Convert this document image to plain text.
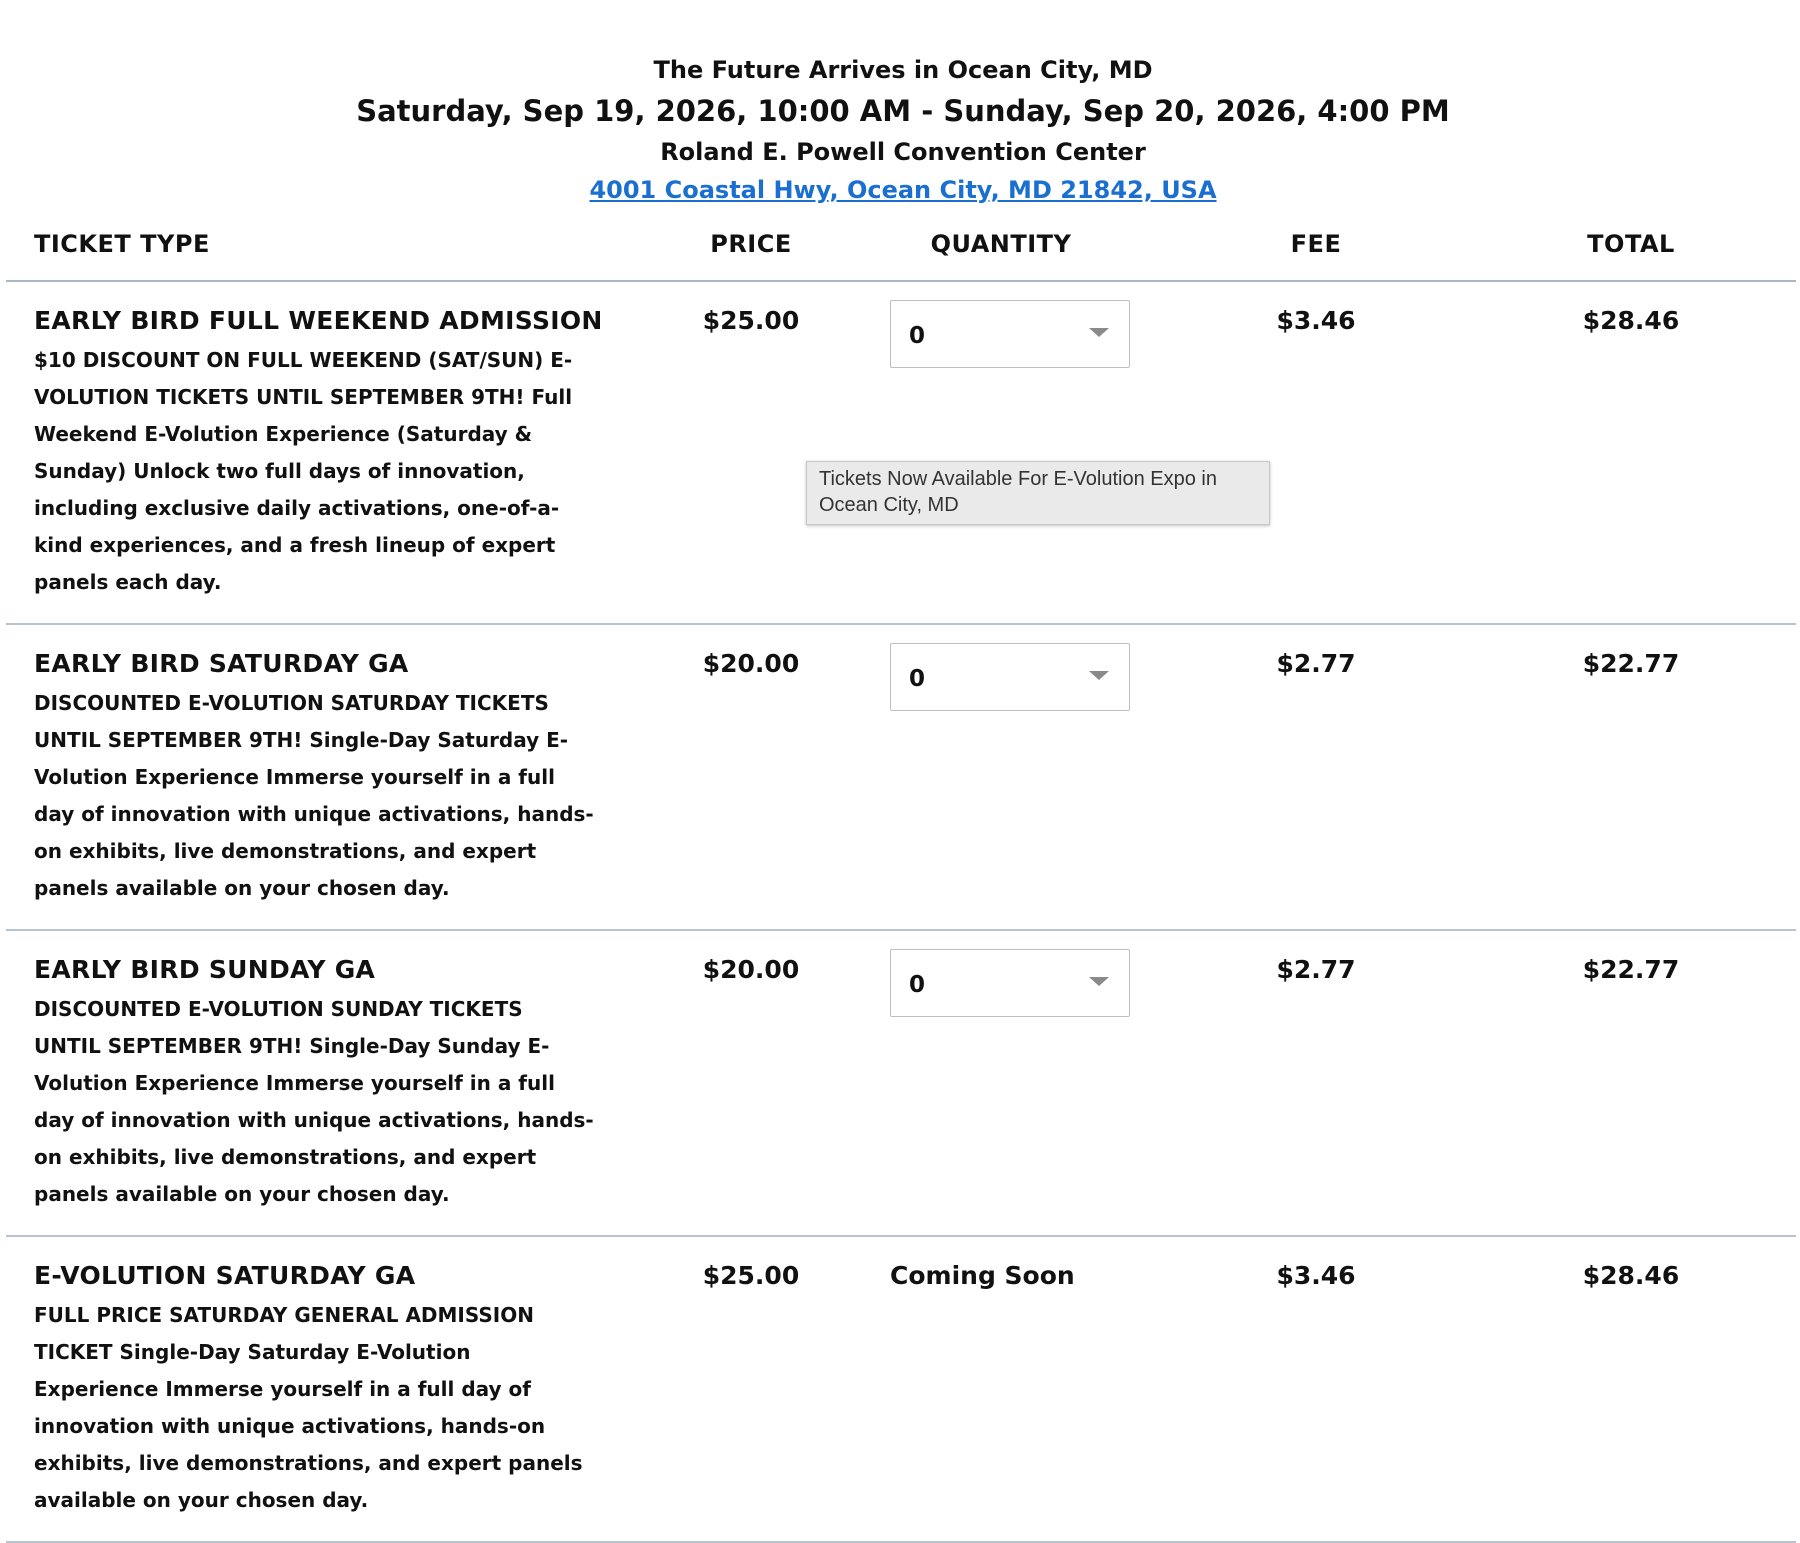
The Future Arrives in Ocean City, MD
Saturday, Sep 19, 2026, 10:00 AM - Sunday, Sep 20, 2026, 4:00 PM
Roland E. Powell Convention Center
4001 Coastal Hwy, Ocean City, MD 21842, USA
TICKET TYPE	PRICE	QUANTITY	FEE	TOTAL

EARLY BIRD FULL WEEKEND ADMISSION
$10 DISCOUNT ON FULL WEEKEND (SAT/SUN) E-VOLUTION TICKETS UNTIL SEPTEMBER 9TH! Full Weekend E-Volution Experience (Saturday & Sunday) Unlock two full days of innovation, including exclusive daily activations, one-of-a-kind experiences, and a fresh lineup of expert panels each day.	$25.00	0	$3.46	$28.46

EARLY BIRD SATURDAY GA
DISCOUNTED E-VOLUTION SATURDAY TICKETS UNTIL SEPTEMBER 9TH! Single-Day Saturday E-Volution Experience Immerse yourself in a full day of innovation with unique activations, hands-on exhibits, live demonstrations, and expert panels available on your chosen day.	$20.00	0	$2.77	$22.77

EARLY BIRD SUNDAY GA
DISCOUNTED E-VOLUTION SUNDAY TICKETS UNTIL SEPTEMBER 9TH! Single-Day Sunday E-Volution Experience Immerse yourself in a full day of innovation with unique activations, hands-on exhibits, live demonstrations, and expert panels available on your chosen day.	$20.00	0	$2.77	$22.77

E-VOLUTION SATURDAY GA
FULL PRICE SATURDAY GENERAL ADMISSION TICKET Single-Day Saturday E-Volution Experience Immerse yourself in a full day of innovation with unique activations, hands-on exhibits, live demonstrations, and expert panels available on your chosen day.	$25.00	Coming Soon	$3.46	$28.46
Tickets Now Available For E-Volution Expo in Ocean City, MD
